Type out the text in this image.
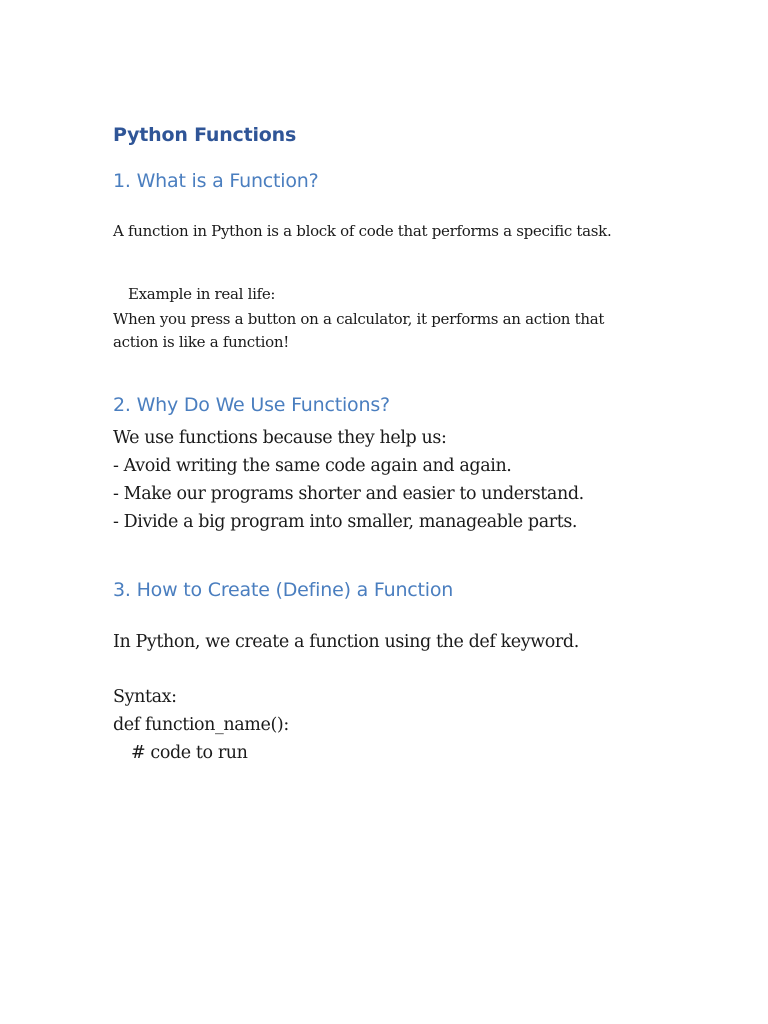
Python Functions
1. What is a Function?

A function in Python is a block of code that performs a specific task.

Example in real life:

When you press a button on a calculator, it performs an action that

action is like a function!

2. Why Do We Use Functions?

We use functions because they help us:

- Avoid writing the same code again and again.

- Make our programs shorter and easier to understand.

- Divide a big program into smaller, manageable parts.

3. How to Create (Define) a Function

In Python, we create a function using the def keyword.

Syntax:

def function_name():

# code to run
